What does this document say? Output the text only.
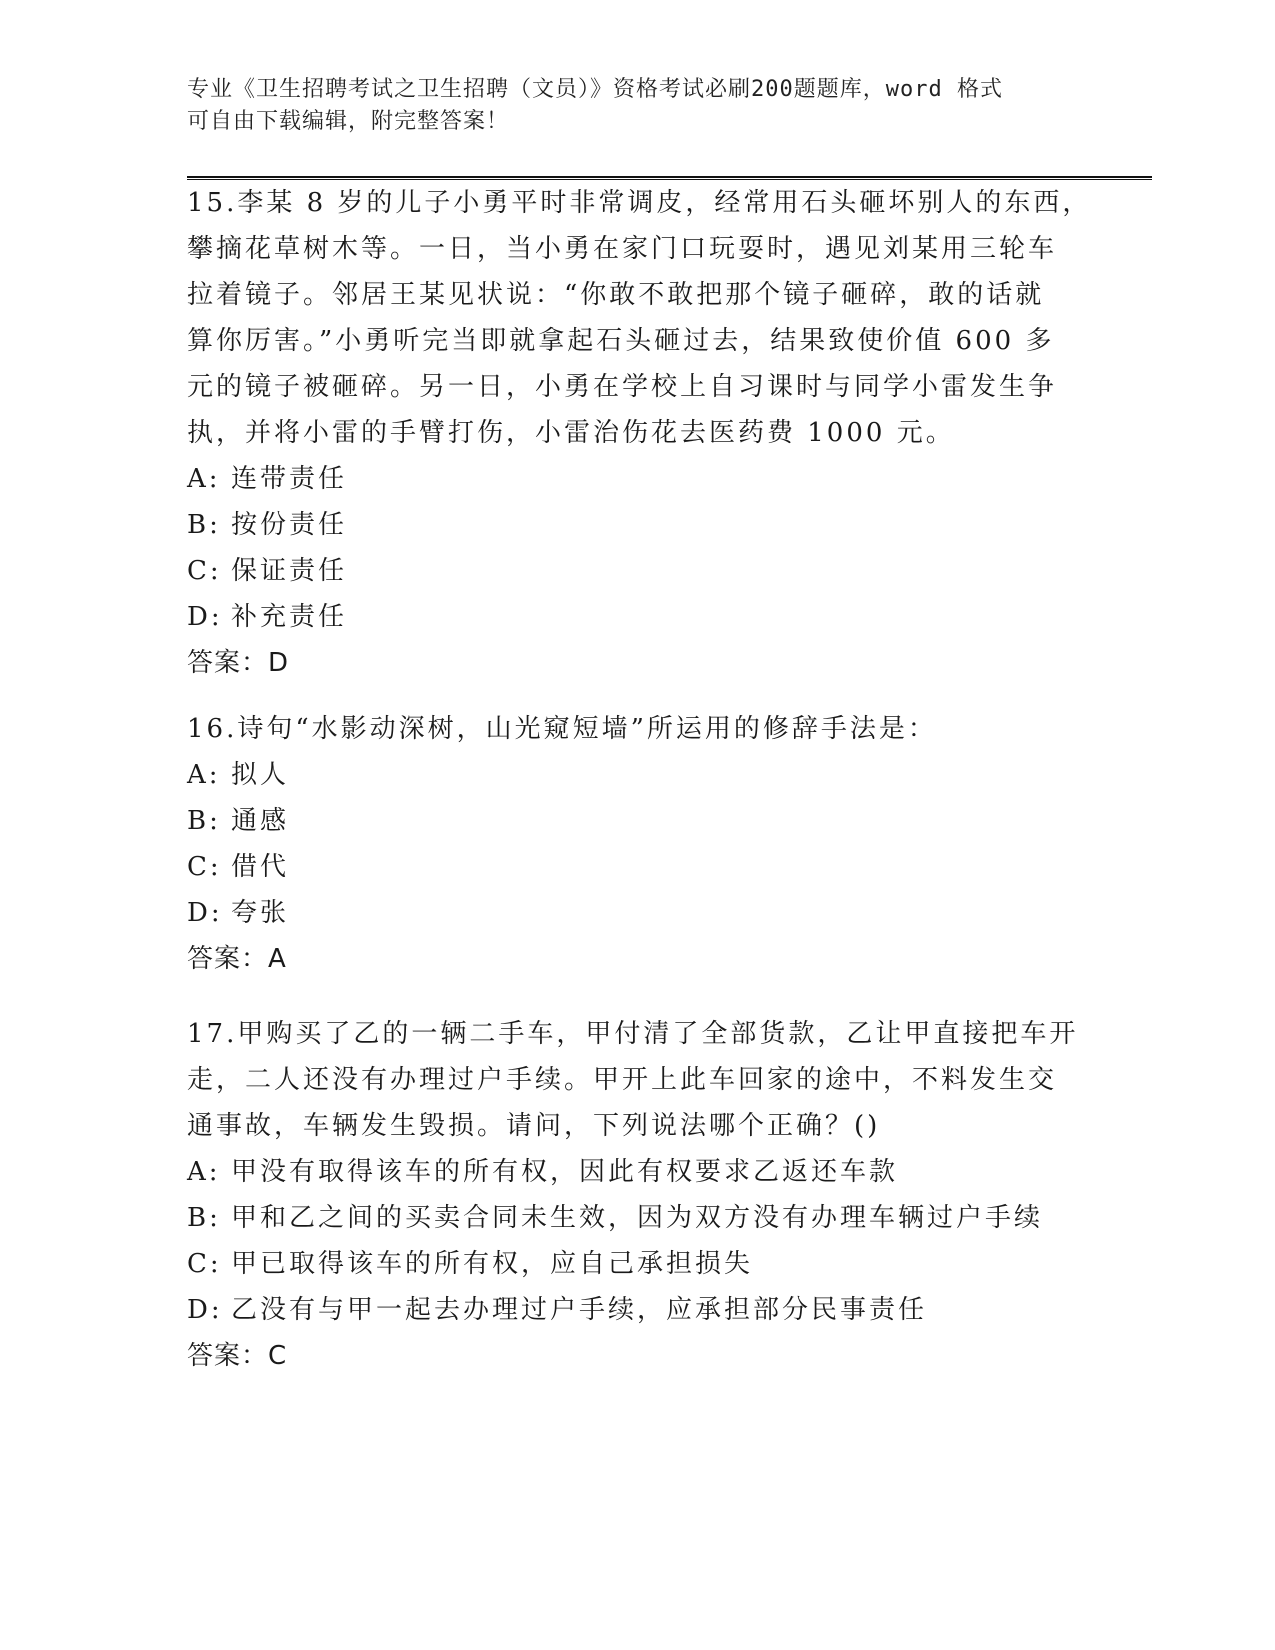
专业《卫生招聘考试之卫生招聘（文员）》资格考试必刷200题题库，word 格式
可自由下载编辑，附完整答案！
15.李某 8 岁的儿子小勇平时非常调皮，经常用石头砸坏别人的东西，
攀摘花草树木等。一日，当小勇在家门口玩耍时，遇见刘某用三轮车
拉着镜子。邻居王某见状说：“你敢不敢把那个镜子砸碎，敢的话就
算你厉害。”小勇听完当即就拿起石头砸过去，结果致使价值 600 多
元的镜子被砸碎。另一日，小勇在学校上自习课时与同学小雷发生争
执，并将小雷的手臂打伤，小雷治伤花去医药费 1000 元。
A: 连带责任
B: 按份责任
C: 保证责任
D: 补充责任
答案：D
16.诗句“水影动深树，山光窥短墙”所运用的修辞手法是：
A: 拟人
B: 通感
C: 借代
D: 夸张
答案：A
17.甲购买了乙的一辆二手车，甲付清了全部货款，乙让甲直接把车开
走，二人还没有办理过户手续。甲开上此车回家的途中，不料发生交
通事故，车辆发生毁损。请问，下列说法哪个正确？()
A: 甲没有取得该车的所有权，因此有权要求乙返还车款
B: 甲和乙之间的买卖合同未生效，因为双方没有办理车辆过户手续
C: 甲已取得该车的所有权，应自己承担损失
D: 乙没有与甲一起去办理过户手续，应承担部分民事责任
答案：C
